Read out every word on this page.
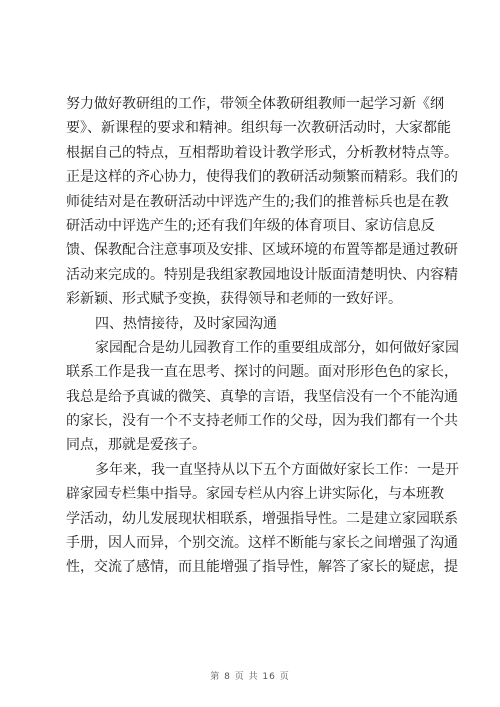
努力做好教研组的工作，带领全体教研组教师一起学习新《纲
要》、新课程的要求和精神。组织每一次教研活动时，大家都能
根据自己的特点，互相帮助着设计教学形式，分析教材特点等。
正是这样的齐心协力，使得我们的教研活动频繁而精彩。我们的
师徒结对是在教研活动中评选产生的;我们的推普标兵也是在教
研活动中评选产生的;还有我们年级的体育项目、家访信息反
馈、保教配合注意事项及安排、区域环境的布置等都是通过教研
活动来完成的。特别是我组家教园地设计版面清楚明快、内容精
彩新颖、形式赋予变换，获得领导和老师的一致好评。
四、热情接待，及时家园沟通
家园配合是幼儿园教育工作的重要组成部分，如何做好家园
联系工作是我一直在思考、探讨的问题。面对形形色色的家长，
我总是给予真诚的微笑、真挚的言语，我坚信没有一个不能沟通
的家长，没有一个不支持老师工作的父母，因为我们都有一个共
同点，那就是爱孩子。
多年来，我一直坚持从以下五个方面做好家长工作：一是开
辟家园专栏集中指导。家园专栏从内容上讲实际化，与本班教
学活动，幼儿发展现状相联系，增强指导性。二是建立家园联系
手册，因人而异，个别交流。这样不断能与家长之间增强了沟通
性，交流了感情，而且能增强了指导性，解答了家长的疑虑，提
第 8 页 共 16 页
